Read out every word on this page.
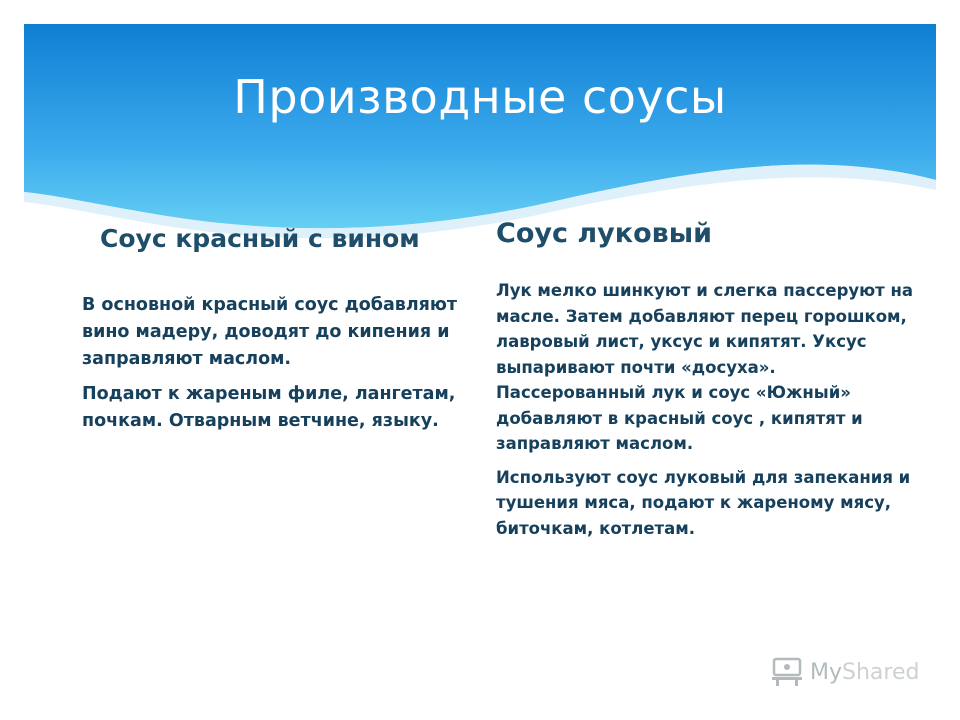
Производные соусы
Соус красный с вином	Соус луковый

В основной красный соус добавляют вино мадеру, доводят до кипения и заправляют маслом.

Подают к жареным филе, лангетам, почкам. Отварным ветчине, языку.

Лук мелко шинкуют и слегка пассеруют на масле. Затем добавляют перец горошком, лавровый лист, уксус и кипятят. Уксус выпаривают почти «досуха». Пассерованный лук и соус «Южный» добавляют в красный соус , кипятят и заправляют маслом.

Используют соус луковый для запекания и тушения мяса, подают к жареному мясу, биточкам, котлетам.

MyShared
